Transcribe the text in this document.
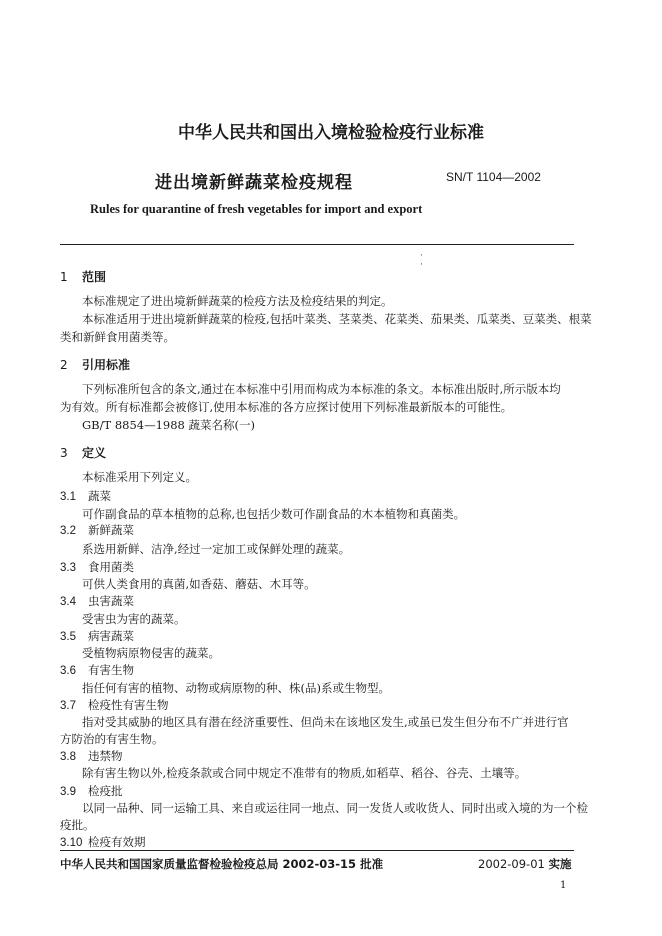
中华人民共和国出入境检验检疫行业标准
进出境新鲜蔬菜检疫规程	SN/T 1104—2002
Rules for quarantine of fresh vegetables for import and export
·
·
1 范围
本标准规定了进出境新鲜蔬菜的检疫方法及检疫结果的判定。
本标准适用于进出境新鲜蔬菜的检疫,包括叶菜类、茎菜类、花菜类、茄果类、瓜菜类、豆菜类、根菜
类和新鲜食用菌类等。
2 引用标准
下列标准所包含的条文,通过在本标准中引用而构成为本标准的条文。本标准出版时,所示版本均
为有效。所有标准都会被修订,使用本标准的各方应探讨使用下列标准最新版本的可能性。
GB/T 8854—1988 蔬菜名称(一)
3 定义
本标准采用下列定义。
3.1 蔬菜
可作副食品的草本植物的总称,也包括少数可作副食品的木本植物和真菌类。
3.2 新鲜蔬菜
系选用新鲜、洁净,经过一定加工或保鲜处理的蔬菜。
3.3 食用菌类
可供人类食用的真菌,如香菇、蘑菇、木耳等。
3.4 虫害蔬菜
受害虫为害的蔬菜。
3.5 病害蔬菜
受植物病原物侵害的蔬菜。
3.6 有害生物
指任何有害的植物、动物或病原物的种、株(品)系或生物型。
3.7 检疫性有害生物
指对受其威胁的地区具有潜在经济重要性、但尚未在该地区发生,或虽已发生但分布不广并进行官
方防治的有害生物。
3.8 违禁物
除有害生物以外,检疫条款或合同中规定不准带有的物质,如稻草、稻谷、谷壳、土壤等。
3.9 检疫批
以同一品种、同一运输工具、来自或运往同一地点、同一发货人或收货人、同时出或入境的为一个检
疫批。
3.10 检疫有效期
中华人民共和国国家质量监督检验检疫总局 2002-03-15 批准	2002-09-01 实施
1
